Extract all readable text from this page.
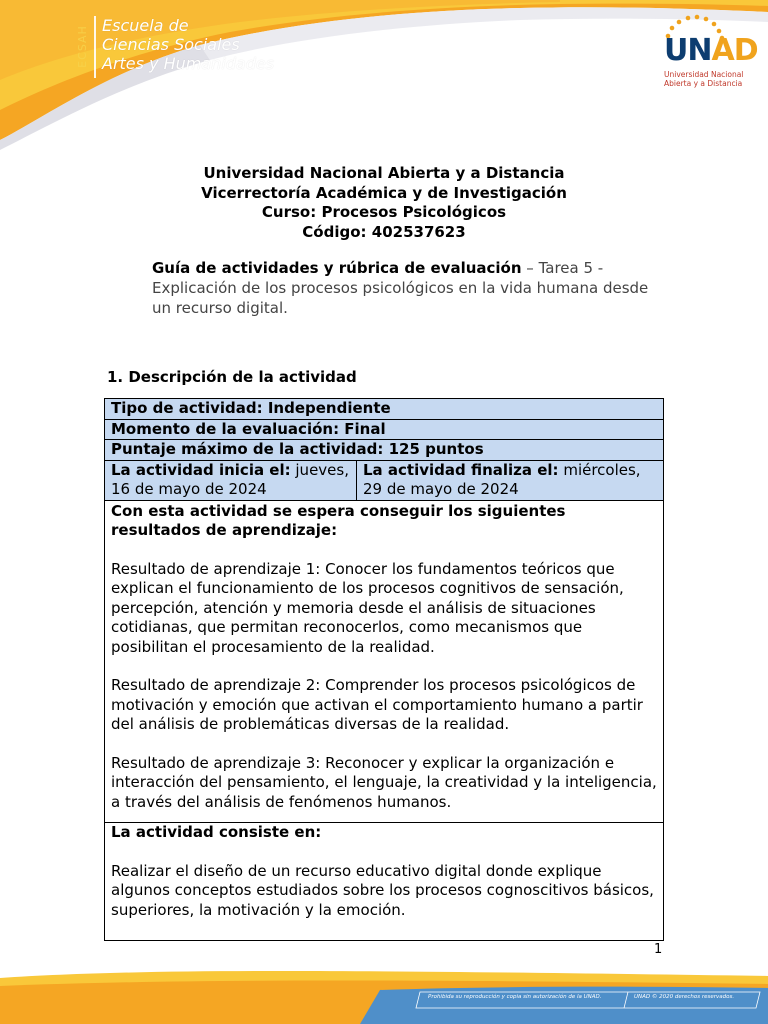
ECSAH Escuela de
Ciencias Sociales
Artes y Humanidades	UNAD
Universidad Nacional
Abierta y a Distancia
Universidad Nacional Abierta y a Distancia
Vicerrectoría Académica y de Investigación
Curso: Procesos Psicológicos
Código: 402537623
Guía de actividades y rúbrica de evaluación – Tarea 5 - Explicación de los procesos psicológicos en la vida humana desde un recurso digital.
1. Descripción de la actividad
Tipo de actividad: Independiente
Momento de la evaluación: Final
Puntaje máximo de la actividad: 125 puntos
La actividad inicia el: jueves, 16 de mayo de 2024	La actividad finaliza el: miércoles, 29 de mayo de 2024

Con esta actividad se espera conseguir los siguientes resultados de aprendizaje:

Resultado de aprendizaje 1: Conocer los fundamentos teóricos que explican el funcionamiento de los procesos cognitivos de sensación, percepción, atención y memoria desde el análisis de situaciones cotidianas, que permitan reconocerlos, como mecanismos que posibilitan el procesamiento de la realidad.

Resultado de aprendizaje 2: Comprender los procesos psicológicos de motivación y emoción que activan el comportamiento humano a partir del análisis de problemáticas diversas de la realidad.

Resultado de aprendizaje 3: Reconocer y explicar la organización e interacción del pensamiento, el lenguaje, la creatividad y la inteligencia, a través del análisis de fenómenos humanos.

La actividad consiste en:

Realizar el diseño de un recurso educativo digital donde explique algunos conceptos estudiados sobre los procesos cognoscitivos básicos, superiores, la motivación y la emoción.

1
Prohibida su reproducción y copia sin autorización de la UNAD.	UNAD © 2020 derechos reservados.
